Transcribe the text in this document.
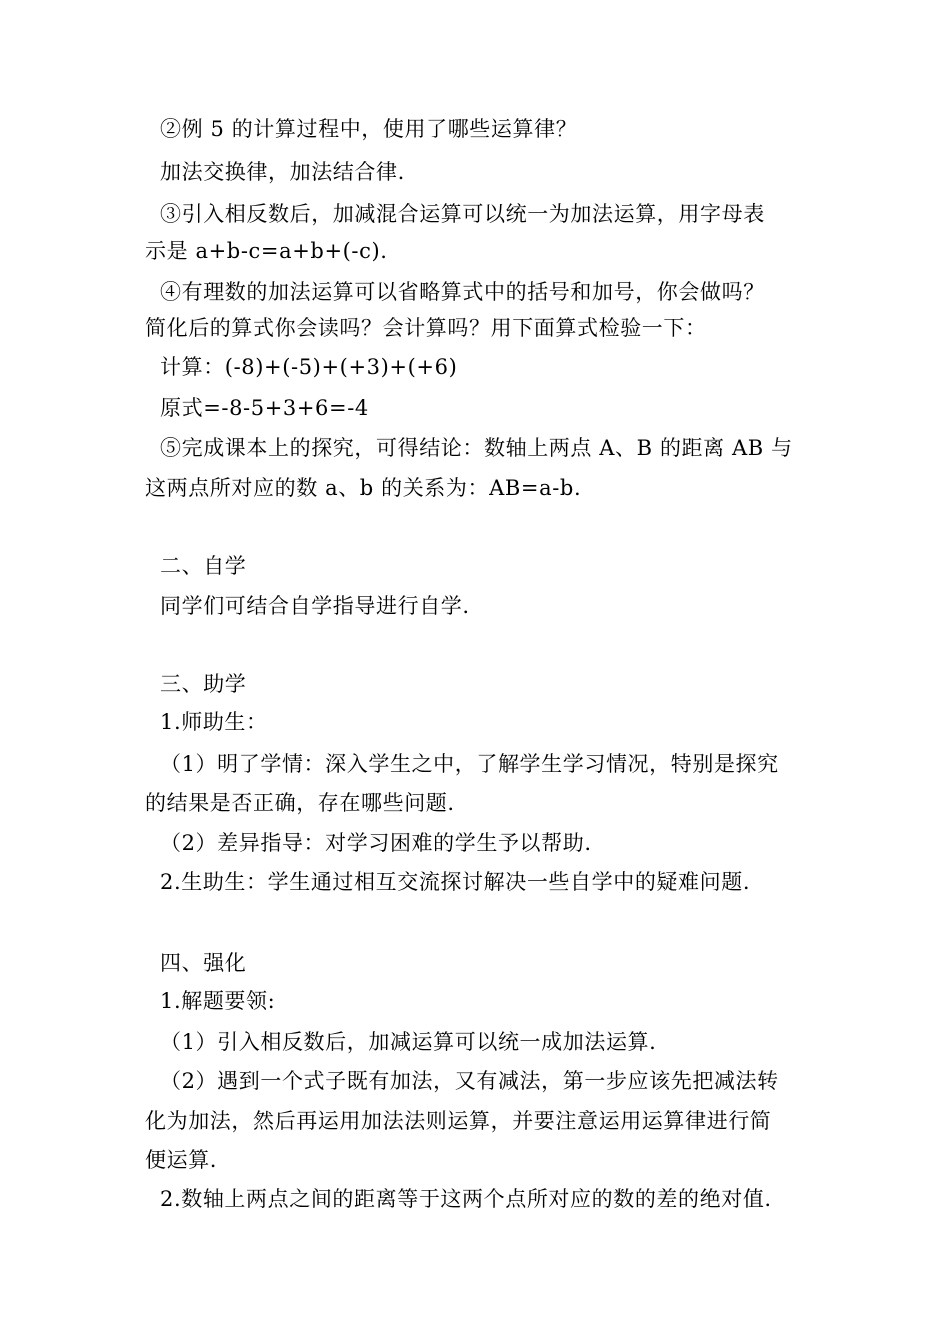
②例 5 的计算过程中，使用了哪些运算律？
加法交换律，加法结合律.
③引入相反数后，加减混合运算可以统一为加法运算，用字母表
示是 a+b-c=a+b+(-c).
④有理数的加法运算可以省略算式中的括号和加号，你会做吗？
简化后的算式你会读吗？会计算吗？用下面算式检验一下：
计算：(-8)+(-5)+(+3)+(+6)
原式=-8-5+3+6=-4
⑤完成课本上的探究，可得结论：数轴上两点 A、B 的距离 AB 与
这两点所对应的数 a、b 的关系为：AB=a-b.
二、自学
同学们可结合自学指导进行自学.
三、助学
1.师助生：
（1）明了学情：深入学生之中，了解学生学习情况，特别是探究
的结果是否正确，存在哪些问题.
（2）差异指导：对学习困难的学生予以帮助.
2.生助生：学生通过相互交流探讨解决一些自学中的疑难问题.
四、强化
1.解题要领:
（1）引入相反数后，加减运算可以统一成加法运算.
（2）遇到一个式子既有加法，又有减法，第一步应该先把减法转
化为加法，然后再运用加法法则运算，并要注意运用运算律进行简
便运算.
2.数轴上两点之间的距离等于这两个点所对应的数的差的绝对值.
